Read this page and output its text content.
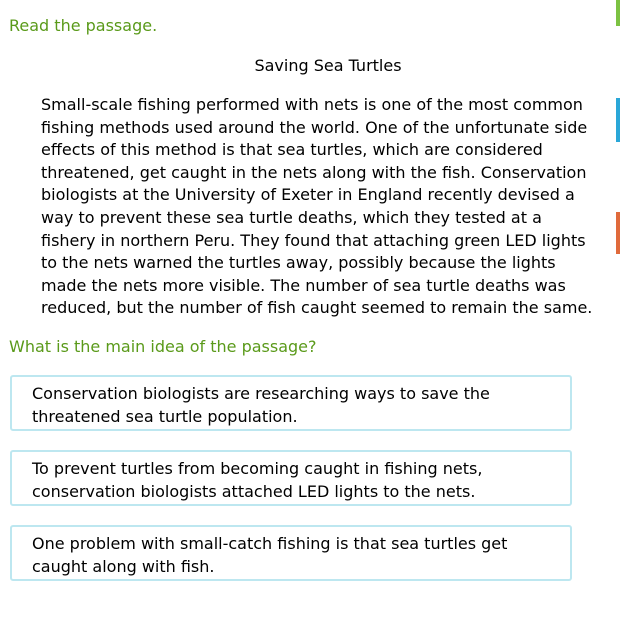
Read the passage.
Saving Sea Turtles
Small-scale fishing performed with nets is one of the most common
fishing methods used around the world. One of the unfortunate side
effects of this method is that sea turtles, which are considered
threatened, get caught in the nets along with the fish. Conservation
biologists at the University of Exeter in England recently devised a
way to prevent these sea turtle deaths, which they tested at a
fishery in northern Peru. They found that attaching green LED lights
to the nets warned the turtles away, possibly because the lights
made the nets more visible. The number of sea turtle deaths was
reduced, but the number of fish caught seemed to remain the same.
What is the main idea of the passage?
Conservation biologists are researching ways to save the
threatened sea turtle population.
To prevent turtles from becoming caught in fishing nets,
conservation biologists attached LED lights to the nets.
One problem with small-catch fishing is that sea turtles get
caught along with fish.
